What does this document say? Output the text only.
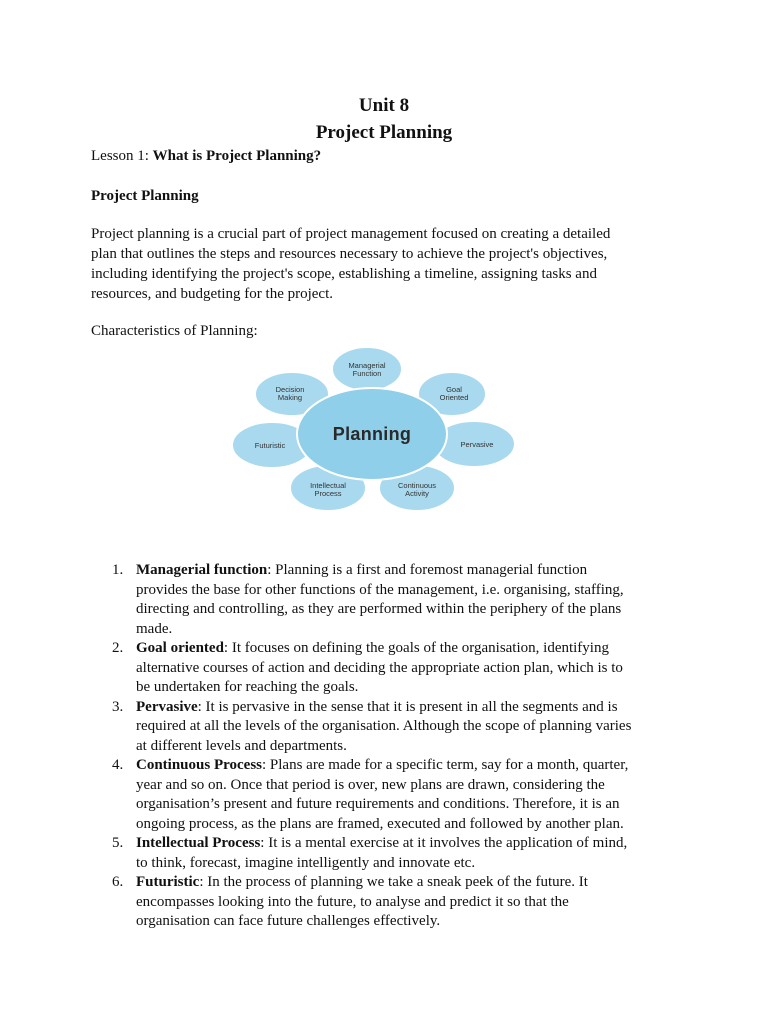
Unit 8
Project Planning
Lesson 1: What is Project Planning?
Project Planning
Project planning is a crucial part of project management focused on creating a detailed
plan that outlines the steps and resources necessary to achieve the project's objectives,
including identifying the project's scope, establishing a timeline, assigning tasks and
resources, and budgeting for the project.
Characteristics of Planning:
Planning
Managerial
Function
Goal
Oriented
Pervasive
Continuous
Activity
Intellectual
Process
Futuristic
Decision
Making
1. Managerial function: Planning is a first and foremost managerial function
provides the base for other functions of the management, i.e. organising, staffing,
directing and controlling, as they are performed within the periphery of the plans
made.
2. Goal oriented: It focuses on defining the goals of the organisation, identifying
alternative courses of action and deciding the appropriate action plan, which is to
be undertaken for reaching the goals.
3. Pervasive: It is pervasive in the sense that it is present in all the segments and is
required at all the levels of the organisation. Although the scope of planning varies
at different levels and departments.
4. Continuous Process: Plans are made for a specific term, say for a month, quarter,
year and so on. Once that period is over, new plans are drawn, considering the
organisation’s present and future requirements and conditions. Therefore, it is an
ongoing process, as the plans are framed, executed and followed by another plan.
5. Intellectual Process: It is a mental exercise at it involves the application of mind,
to think, forecast, imagine intelligently and innovate etc.
6. Futuristic: In the process of planning we take a sneak peek of the future. It
encompasses looking into the future, to analyse and predict it so that the
organisation can face future challenges effectively.
